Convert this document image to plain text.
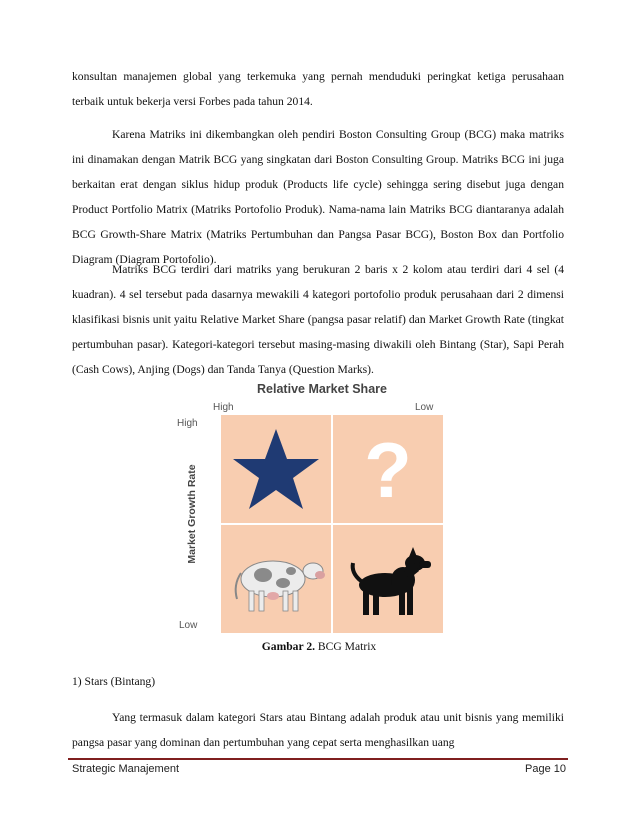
konsultan manajemen global yang terkemuka yang pernah menduduki peringkat ketiga perusahaan terbaik untuk bekerja versi Forbes pada tahun 2014.

Karena Matriks ini dikembangkan oleh pendiri Boston Consulting Group (BCG) maka matriks ini dinamakan dengan Matrik BCG yang singkatan dari Boston Consulting Group. Matriks BCG ini juga berkaitan erat dengan siklus hidup produk (Products life cycle) sehingga sering disebut juga dengan Product Portfolio Matrix (Matriks Portofolio Produk). Nama-nama lain Matriks BCG diantaranya adalah BCG Growth-Share Matrix (Matriks Pertumbuhan dan Pangsa Pasar BCG), Boston Box dan Portfolio Diagram (Diagram Portofolio).

Matriks BCG terdiri dari matriks yang berukuran 2 baris x 2 kolom atau terdiri dari 4 sel (4 kuadran). 4 sel tersebut pada dasarnya mewakili 4 kategori portofolio produk perusahaan dari 2 dimensi klasifikasi bisnis unit yaitu Relative Market Share (pangsa pasar relatif) dan Market Growth Rate (tingkat pertumbuhan pasar). Kategori-kategori tersebut masing-masing diwakili oleh Bintang (Star), Sapi Perah (Cash Cows), Anjing (Dogs) dan Tanda Tanya (Question Marks).

Relative Market Share
High	Low
High
Low
Market Growth Rate ?
Gambar 2. BCG Matrix
1) Stars (Bintang)

Yang termasuk dalam kategori Stars atau Bintang adalah produk atau unit bisnis yang memiliki pangsa pasar yang dominan dan pertumbuhan yang cepat serta menghasilkan uang

Strategic Manajement	Page 10
